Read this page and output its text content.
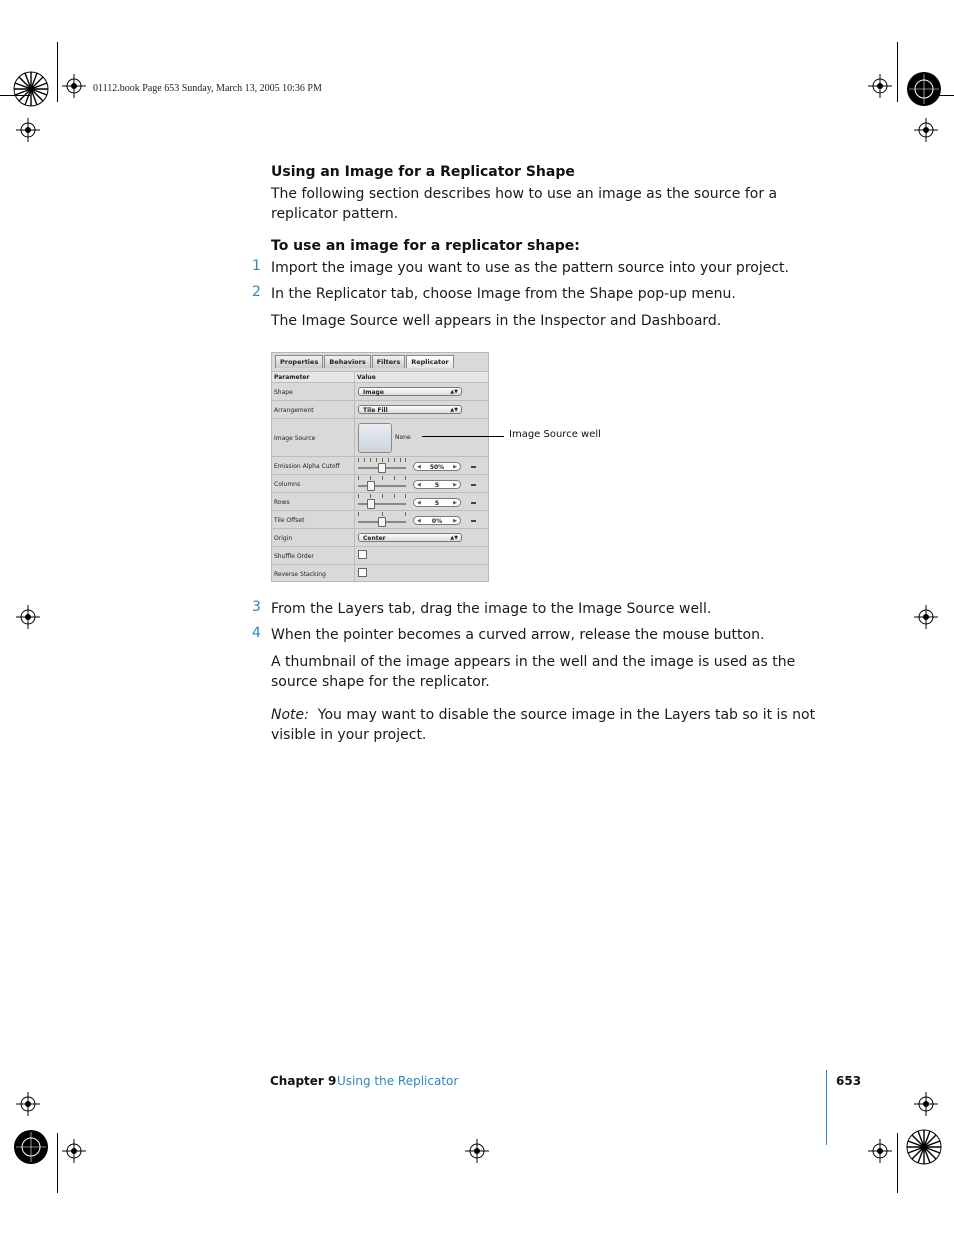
01112.book Page 653 Sunday, March 13, 2005 10:36 PM
Using an Image for a Replicator Shape
The following section describes how to use an image as the source for a replicator pattern.
To use an image for a replicator shape:
1 Import the image you want to use as the pattern source into your project.
2 In the Replicator tab, choose Image from the Shape pop-up menu.
The Image Source well appears in the Inspector and Dashboard.
Properties	Behaviors	Filters	Replicator
Parameter	Value
Shape	Image	▲▼
Arrangement	Tile Fill	▲▼
Image Source	None
Emission Alpha Cutoff	◀ 50% ▶
Columns	◀ 5	▶
Rows	◀ 5	▶
Tile Offset	◀ 0% ▶
Origin	Center	▲▼
Shuffle Order
Reverse Stacking
Image Source well
3 From the Layers tab, drag the image to the Image Source well.
4 When the pointer becomes a curved arrow, release the mouse button.
A thumbnail of the image appears in the well and the image is used as the source shape for the replicator.
Note: You may want to disable the source image in the Layers tab so it is not visible in your project.
Chapter 9 Using the Replicator	653
